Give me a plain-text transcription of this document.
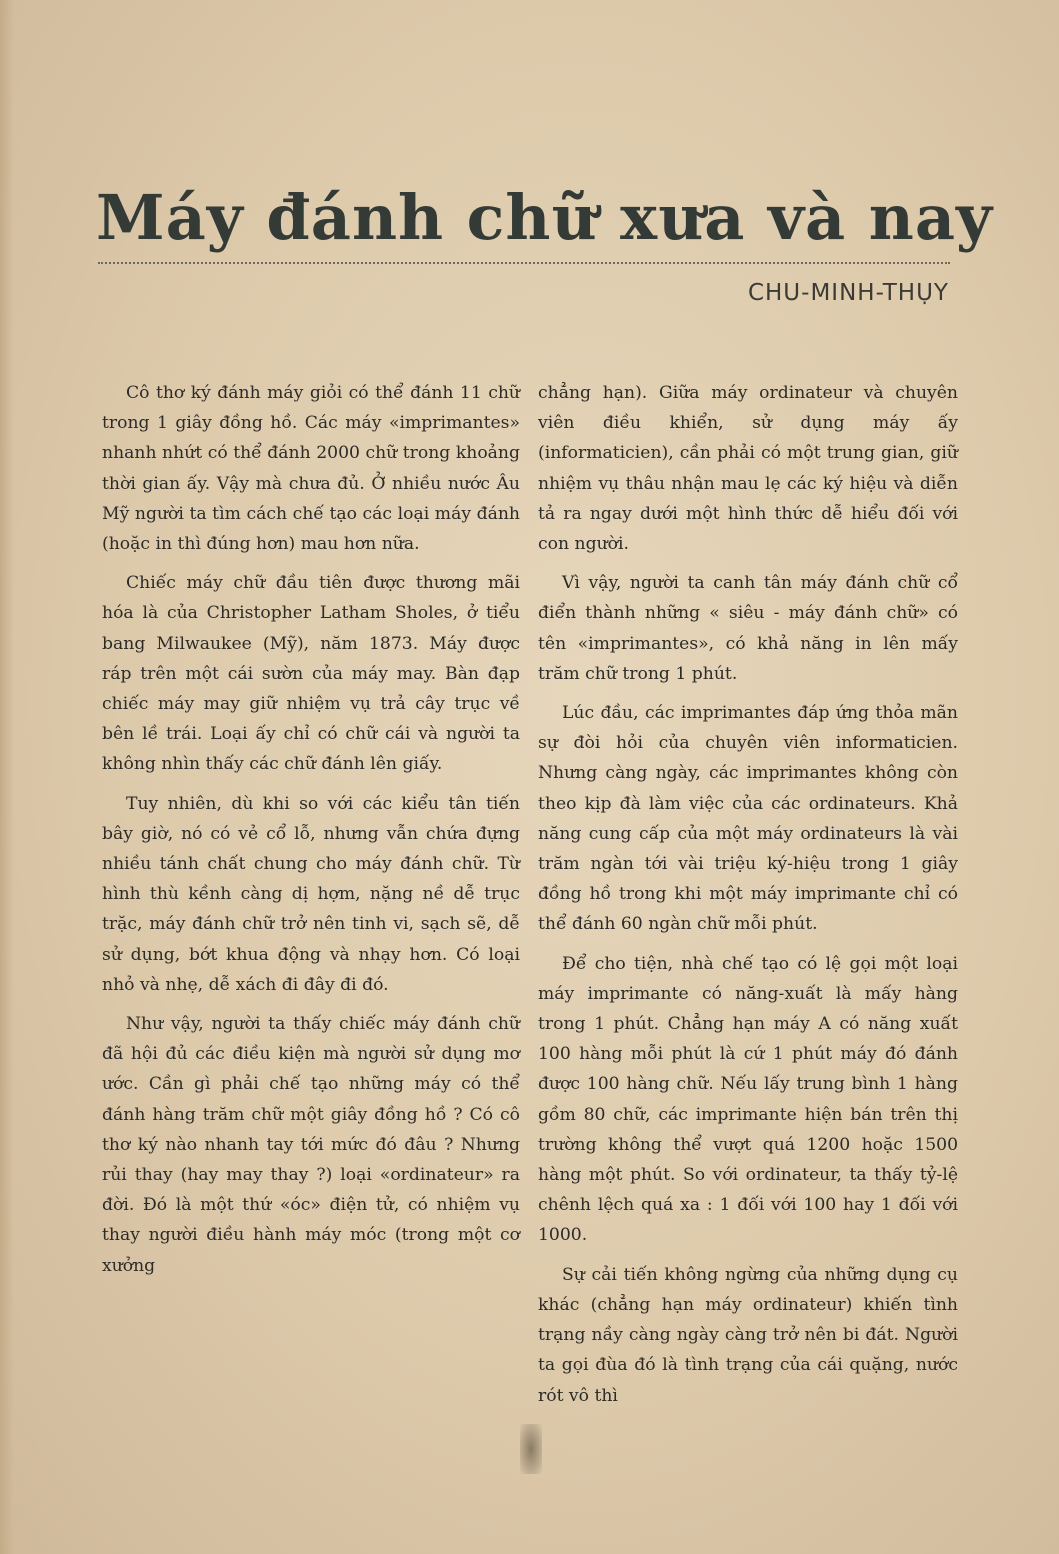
Máy đánh chữ xưa và nay
CHU-MINH-THỤY

Cô thơ ký đánh máy giỏi có thể đánh 11 chữ trong 1 giây đồng hồ. Các máy «imprimantes» nhanh nhứt có thể đánh 2000 chữ trong khoảng thời gian ấy. Vậy mà chưa đủ. Ở nhiều nước Âu Mỹ người ta tìm cách chế tạo các loại máy đánh (hoặc in thì đúng hơn) mau hơn nữa.

Chiếc máy chữ đầu tiên được thương mãi hóa là của Christopher Latham Sholes, ở tiểu bang Milwaukee (Mỹ), năm 1873. Máy được ráp trên một cái sườn của máy may. Bàn đạp chiếc máy may giữ nhiệm vụ trả cây trục về bên lề trái. Loại ấy chỉ có chữ cái và người ta không nhìn thấy các chữ đánh lên giấy.

Tuy nhiên, dù khi so với các kiểu tân tiến bây giờ, nó có vẻ cổ lỗ, nhưng vẫn chứa đựng nhiều tánh chất chung cho máy đánh chữ. Từ hình thù kềnh càng dị hợm, nặng nề dễ trục trặc, máy đánh chữ trở nên tinh vi, sạch sẽ, dễ sử dụng, bớt khua động và nhạy hơn. Có loại nhỏ và nhẹ, dễ xách đi đây đi đó.

Như vậy, người ta thấy chiếc máy đánh chữ đã hội đủ các điều kiện mà người sử dụng mơ ước. Cần gì phải chế tạo những máy có thể đánh hàng trăm chữ một giây đồng hồ ? Có cô thơ ký nào nhanh tay tới mức đó đâu ? Nhưng rủi thay (hay may thay ?) loại «ordinateur» ra đời. Đó là một thứ «óc» điện tử, có nhiệm vụ thay người điều hành máy móc (trong một cơ xưởng

chẳng hạn). Giữa máy ordinateur và chuyên viên điều khiển, sử dụng máy ấy (informaticien), cần phải có một trung gian, giữ nhiệm vụ thâu nhận mau lẹ các ký hiệu và diễn tả ra ngay dưới một hình thức dễ hiểu đối với con người.

Vì vậy, người ta canh tân máy đánh chữ cổ điển thành những « siêu - máy đánh chữ» có tên «imprimantes», có khả năng in lên mấy trăm chữ trong 1 phút.

Lúc đầu, các imprimantes đáp ứng thỏa mãn sự đòi hỏi của chuyên viên informaticien. Nhưng càng ngày, các imprimantes không còn theo kịp đà làm việc của các ordinateurs. Khả năng cung cấp của một máy ordinateurs là vài trăm ngàn tới vài triệu ký-hiệu trong 1 giây đồng hồ trong khi một máy imprimante chỉ có thể đánh 60 ngàn chữ mỗi phút.

Để cho tiện, nhà chế tạo có lệ gọi một loại máy imprimante có năng-xuất là mấy hàng trong 1 phút. Chẳng hạn máy A có năng xuất 100 hàng mỗi phút là cứ 1 phút máy đó đánh được 100 hàng chữ. Nếu lấy trung bình 1 hàng gồm 80 chữ, các imprimante hiện bán trên thị trường không thể vượt quá 1200 hoặc 1500 hàng một phút. So với ordinateur, ta thấy tỷ-lệ chênh lệch quá xa : 1 đối với 100 hay 1 đối với 1000.

Sự cải tiến không ngừng của những dụng cụ khác (chẳng hạn máy ordinateur) khiến tình trạng nầy càng ngày càng trở nên bi đát. Người ta gọi đùa đó là tình trạng của cái quặng, nước rót vô thì
